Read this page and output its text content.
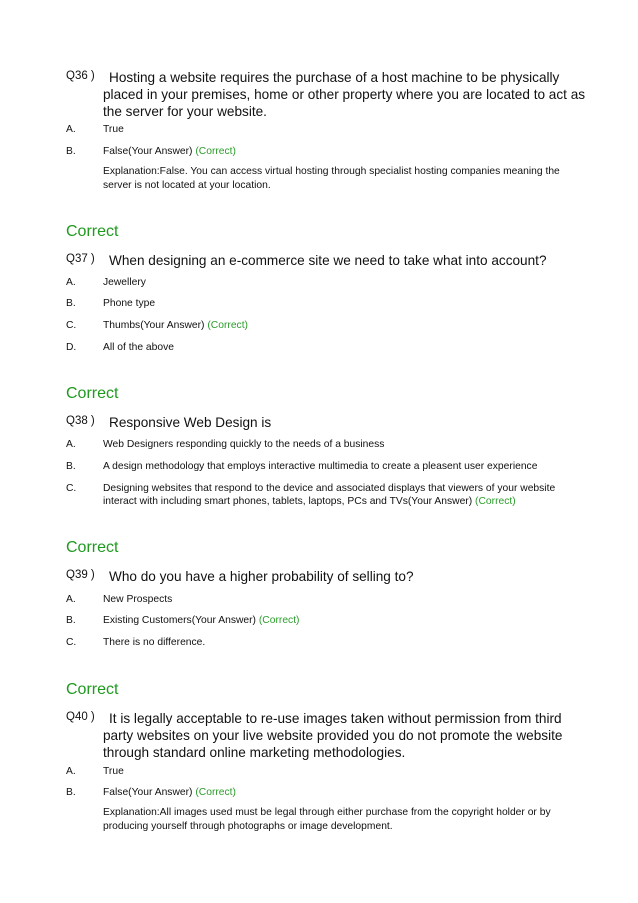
Q36 )	Hosting a website requires the purchase of a host machine to be physically placed in your premises, home or other property where you are located to act as the server for your website.
A.	True
B.	False(Your Answer) (Correct)
Explanation:False. You can access virtual hosting through specialist hosting companies meaning the server is not located at your location.
Correct
Q37 )	When designing an e-commerce site we need to take what into account?
A.	Jewellery
B.	Phone type
C.	Thumbs(Your Answer) (Correct)
D.	All of the above
Correct
Q38 )	Responsive Web Design is
A.	Web Designers responding quickly to the needs of a business
B.	A design methodology that employs interactive multimedia to create a pleasent user experience
C.	Designing websites that respond to the device and associated displays that viewers of your website interact with including smart phones, tablets, laptops, PCs and TVs(Your Answer) (Correct)
Correct
Q39 )	Who do you have a higher probability of selling to?
A.	New Prospects
B.	Existing Customers(Your Answer) (Correct)
C.	There is no difference.
Correct
Q40 )	It is legally acceptable to re-use images taken without permission from third party websites on your live website provided you do not promote the website through standard online marketing methodologies.
A.	True
B.	False(Your Answer) (Correct)
Explanation:All images used must be legal through either purchase from the copyright holder or by producing yourself through photographs or image development.
